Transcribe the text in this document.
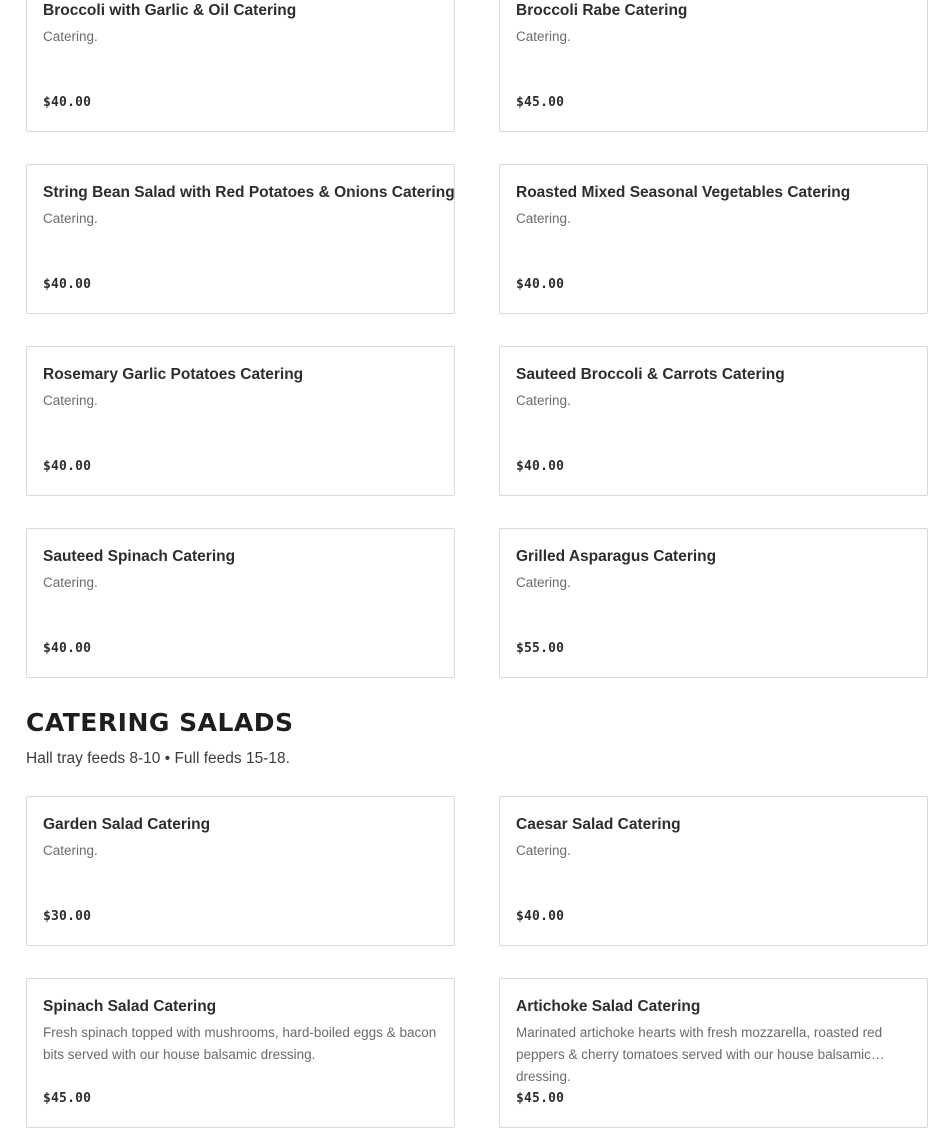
Broccoli with Garlic & Oil Catering
Catering.
$40.00
Broccoli Rabe Catering
Catering.
$45.00
String Bean Salad with Red Potatoes & Onions Catering
Catering.
$40.00
Roasted Mixed Seasonal Vegetables Catering
Catering.
$40.00
Rosemary Garlic Potatoes Catering
Catering.
$40.00
Sauteed Broccoli & Carrots Catering
Catering.
$40.00
Sauteed Spinach Catering
Catering.
$40.00
Grilled Asparagus Catering
Catering.
$55.00
CATERING SALADS
Hall tray feeds 8-10 • Full feeds 15-18.
Garden Salad Catering
Catering.
$30.00
Caesar Salad Catering
Catering.
$40.00
Spinach Salad Catering
Fresh spinach topped with mushrooms, hard-boiled eggs & bacon bits served with our house balsamic dressing.
$45.00
Artichoke Salad Catering
Marinated artichoke hearts with fresh mozzarella, roasted red peppers & cherry tomatoes served with our house balsamic dressing.
$45.00
